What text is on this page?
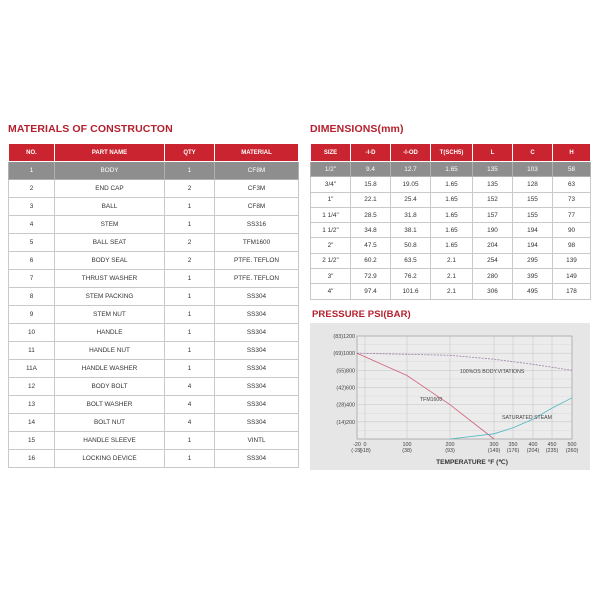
MATERIALS OF CONSTRUCTON
NO.	PART NAME	QTY	MATERIAL
1	BODY	1	CF8M
2	END CAP	2	CF3M
3	BALL	1	CF8M
4	STEM	1	SS316
5	BALL SEAT	2	TFM1600
6	BODY SEAL	2	PTFE. TEFLON
7	THRUST WASHER	1	PTFE. TEFLON
8	STEM PACKING	1	SS304
9	STEM NUT	1	SS304
10	HANDLE	1	SS304
11	HANDLE NUT	1	SS304
11A	HANDLE WASHER	1	SS304
12	BODY BOLT	4	SS304
13	BOLT WASHER	4	SS304
14	BOLT NUT	4	SS304
15	HANDLE SLEEVE	1	VINTL
16	LOCKING DEVICE	1	SS304
DIMENSIONS(mm)
SIZE	-I-D	-I-OD	T(SCH5)	L	C	H
1/2"	9.4	12.7	1.65	135	103	58
3/4"	15.8	19.05	1.65	135	128	63
1"	22.1	25.4	1.65	152	155	73
1 1/4"	28.5	31.8	1.65	157	155	77
1 1/2"	34.8	38.1	1.65	190	194	90
2"	47.5	50.8	1.65	204	194	98
2 1/2"	60.2	63.5	2.1	254	295	139
3"	72.9	76.2	2.1	280	395	149
4"	97.4	101.6	2.1	306	495	178
PRESSURE PSI(BAR)
(83)1200
(69)1000
(55)800
(42)600
(28)400
(14)200
-20 0	100	200	300 350 400 450 500
(-29)
(-18)	(38)	(93)	(149) (176) (204) (235) (260)
TEMPERATURE °F (℃)
100%OS BODY.VITATIONS
TFM1600
SATURATED STEAM
